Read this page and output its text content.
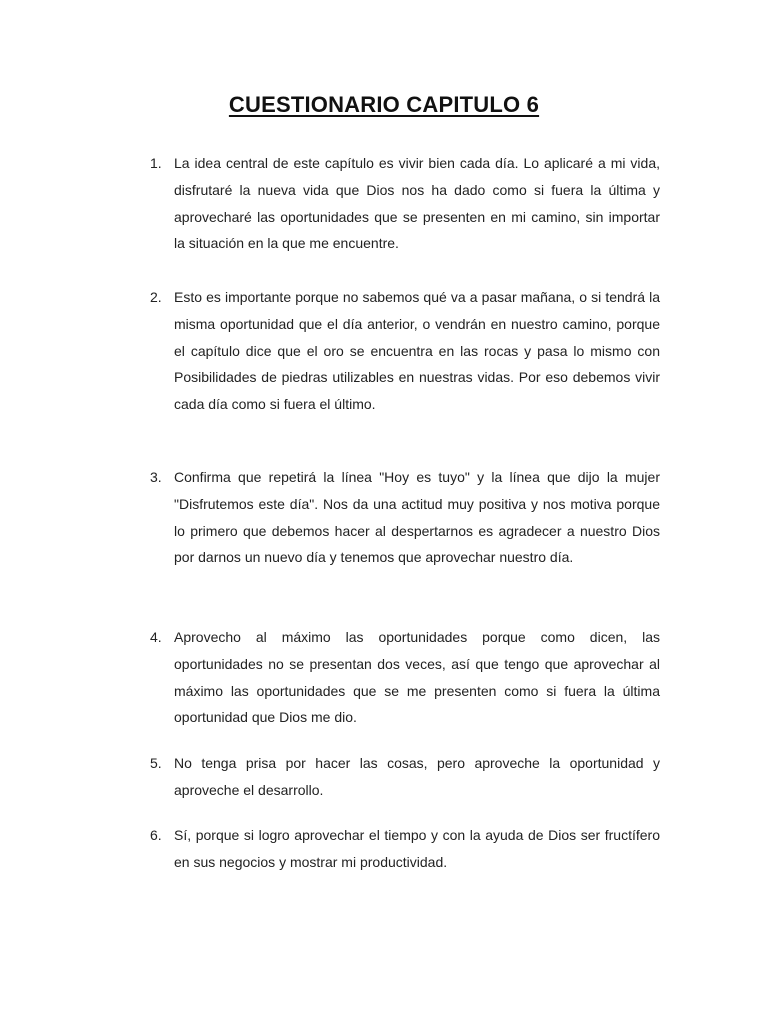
CUESTIONARIO CAPITULO 6
1. La idea central de este capítulo es vivir bien cada día. Lo aplicaré a mi vida, disfrutaré la nueva vida que Dios nos ha dado como si fuera la última y aprovecharé las oportunidades que se presenten en mi camino, sin importar la situación en la que me encuentre.
2. Esto es importante porque no sabemos qué va a pasar mañana, o si tendrá la misma oportunidad que el día anterior, o vendrán en nuestro camino, porque el capítulo dice que el oro se encuentra en las rocas y pasa lo mismo con Posibilidades de piedras utilizables en nuestras vidas. Por eso debemos vivir cada día como si fuera el último.
3. Confirma que repetirá la línea "Hoy es tuyo" y la línea que dijo la mujer "Disfrutemos este día". Nos da una actitud muy positiva y nos motiva porque lo primero que debemos hacer al despertarnos es agradecer a nuestro Dios por darnos un nuevo día y tenemos que aprovechar nuestro día.
4. Aprovecho al máximo las oportunidades porque como dicen, las oportunidades no se presentan dos veces, así que tengo que aprovechar al máximo las oportunidades que se me presenten como si fuera la última oportunidad que Dios me dio.
5. No tenga prisa por hacer las cosas, pero aproveche la oportunidad y aproveche el desarrollo.
6. Sí, porque si logro aprovechar el tiempo y con la ayuda de Dios ser fructífero en sus negocios y mostrar mi productividad.
